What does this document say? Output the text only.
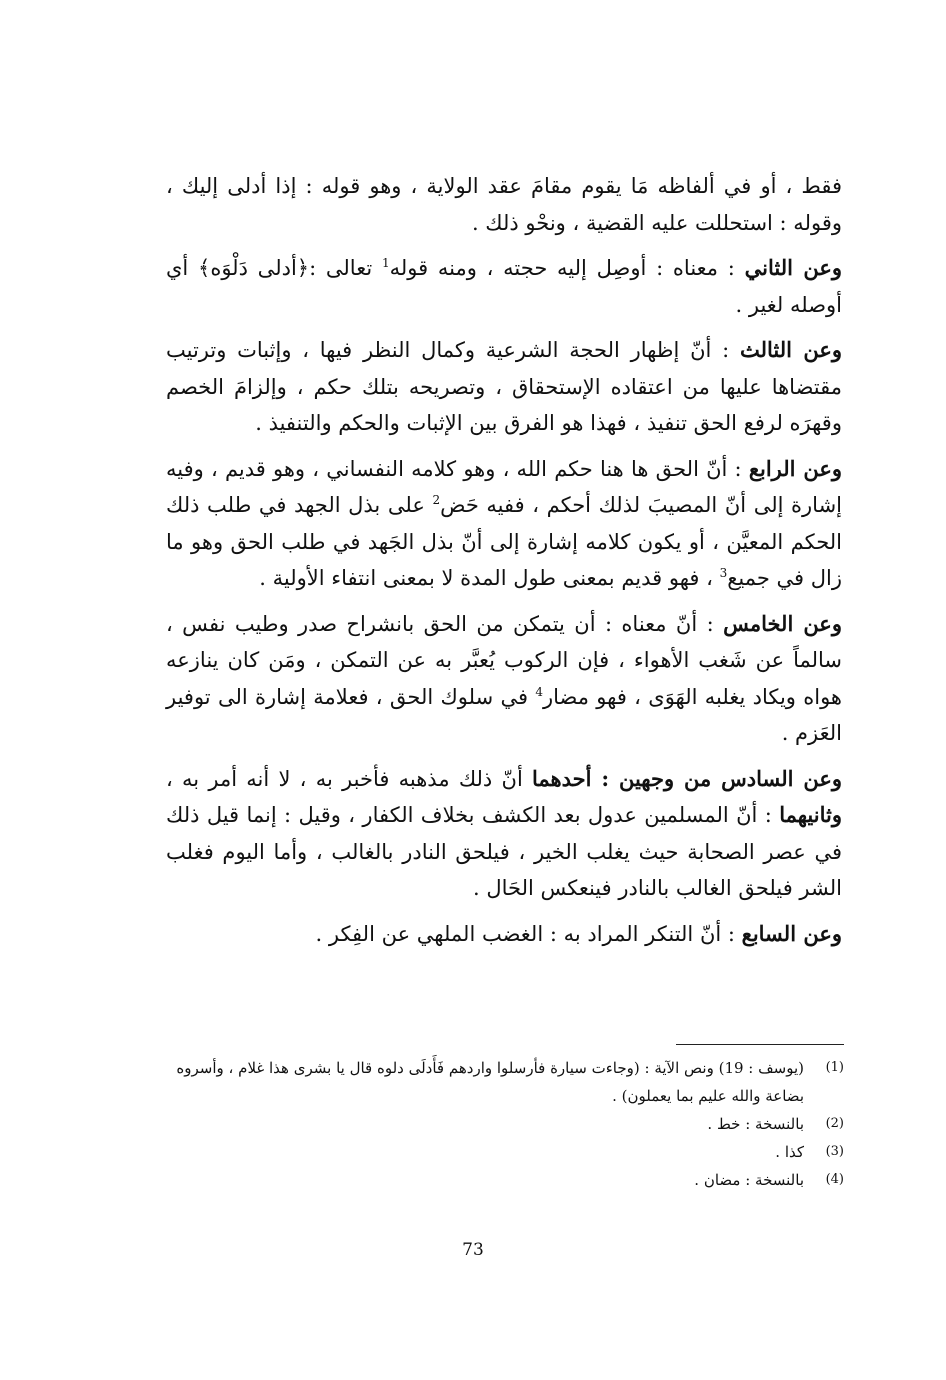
فقط ، أو في ألفاظه مَا يقوم مقامَ عقد الولاية ، وهو قوله : إذا أدلى إليك ، وقوله : استحللت عليه القضية ، ونحْو ذلك .

وعن الثاني : معناه : أوصِل إليه حجته ، ومنه قوله$^1$ تعالى :﴿أدلى دَلْوَه﴾ أي أوصله لغير .

وعن الثالث : أنّ إظهار الحجة الشرعية وكمال النظر فيها ، وإثبات وترتيب مقتضاها عليها من اعتقاده الإستحقاق ، وتصريحه بتلك حكم ، وإلزامَ الخصم وقهرَه لرفع الحق تنفيذ ، فهذا هو الفرق بين الإثبات والحكم والتنفيذ .

وعن الرابع : أنّ الحق ها هنا حكم الله ، وهو كلامه النفساني ، وهو قديم ، وفيه إشارة إلى أنّ المصيبَ لذلك أحكم ، ففيه حَض$^2$ على بذل الجهد في طلب ذلك الحكم المعيَّن ، أو يكون كلامه إشارة إلى أنّ بذل الجَهد في طلب الحق وهو ما زال في جميع$^3$ ، فهو قديم بمعنى طول المدة لا بمعنى انتفاء الأولية .

وعن الخامس : أنّ معناه : أن يتمكن من الحق بانشراح صدر وطيب نفس ، سالماً عن شَغب الأهواء ، فإن الركوب يُعبَّر به عن التمكن ، ومَن كان ينازعه هواه ويكاد يغلبه الهَوَى ، فهو مضار$^4$ في سلوك الحق ، فعلامة إشارة الى توفير العَزم .

وعن السادس من وجهين : أحدهما أنّ ذلك مذهبه فأخبر به ، لا أنه أمر به ، وثانيهما : أنّ المسلمين عدول بعد الكشف بخلاف الكفار ، وقيل : إنما قيل ذلك في عصر الصحابة حيث يغلب الخير ، فيلحق النادر بالغالب ، وأما اليوم فغلب الشر فيلحق الغالب بالنادر فينعكس الحَال .

وعن السابع : أنّ التنكر المراد به : الغضب الملهي عن الفِكر .

(1)
(يوسف : 19) ونص الآية : (وجاءت سيارة فأرسلوا واردهم فَأَدلَى دلوه قال يا بشرى هذا غلام ، وأسروه بضاعة والله عليم بما يعملون) .
(2)
بالنسخة : خط .
(3)
كذا .
(4)
بالنسخة : مضان .
73
